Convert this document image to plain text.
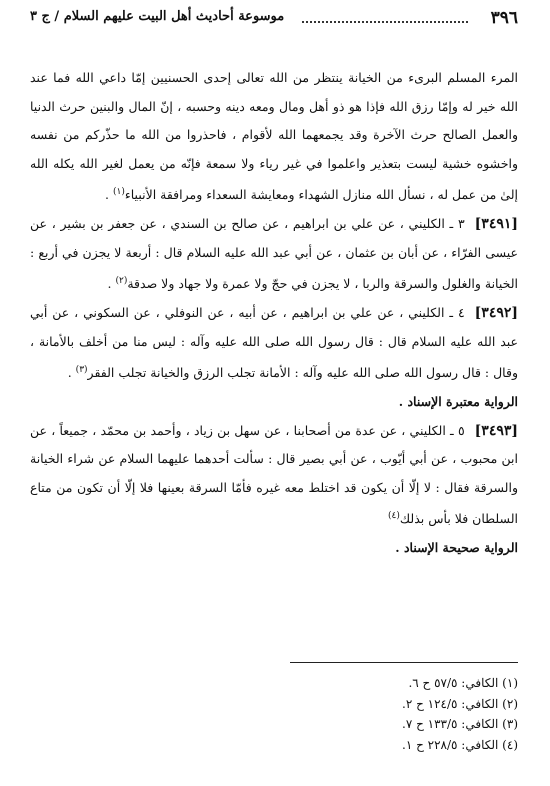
٣٩٦
موسوعة أحاديث أهل البيت عليهم السلام / ج ٣

المرء المسلم البرىء من الخيانة ينتظر من الله تعالى إحدى الحسنيين إمّا داعي الله فما عند الله خير له وإمّا رزق الله فإذا هو ذو أهل ومال ومعه دينه وحسبه ، إنّ المال والبنين حرث الدنيا والعمل الصالح حرث الآخرة وقد يجمعهما الله لأقوام ، فاحذروا من الله ما حذّركم من نفسه واخشوه خشية ليست بتعذير واعلموا في غير رياء ولا سمعة فإنّه من يعمل لغير الله يكله الله إلىٰ من عمل له ، نسأل الله منازل الشهداء ومعايشة السعداء ومرافقة الأنبياء$^{(١)}$ .

[٣٤٩١]٣ ـ الكليني ، عن علي بن ابراهيم ، عن صالح بن السندي ، عن جعفر بن بشير ، عن عيسى الفرّاء ، عن أبان بن عثمان ، عن أبي عبد الله عليه السلام قال : أربعة لا يجزن في أربع : الخيانة والغلول والسرقة والربا ، لا يجزن في حجّ ولا عمرة ولا جهاد ولا صدقة$^{(٢)}$ .

[٣٤٩٢]٤ ـ الكليني ، عن علي بن ابراهيم ، عن أبيه ، عن النوفلي ، عن السكوني ، عن أبي عبد الله عليه السلام قال : قال رسول الله صلى الله عليه وآله : ليس منا من أخلف بالأمانة ، وقال : قال رسول الله صلى الله عليه وآله : الأمانة تجلب الرزق والخيانة تجلب الفقر$^{(٣)}$ .

الرواية معتبرة الإسناد .

[٣٤٩٣]٥ ـ الكليني ، عن عدة من أصحابنا ، عن سهل بن زياد ، وأحمد بن محمّد ، جميعاً ، عن ابن محبوب ، عن أبي أيّوب ، عن أبي بصير قال : سألت أحدهما عليهما السلام عن شراء الخيانة والسرقة فقال : لا إلّا أن يكون قد اختلط معه غيره فأمّا السرقة بعينها فلا إلّا أن تكون من متاع السلطان فلا بأس بذلك$^{(٤)}$

الرواية صحيحة الإسناد .

(١) الكافي: ٥٧/٥ ح ٦.
(٢) الكافي: ١٢٤/٥ ح ٢.
(٣) الكافي: ١٣٣/٥ ح ٧.
(٤) الكافي: ٢٢٨/٥ ح ١.
